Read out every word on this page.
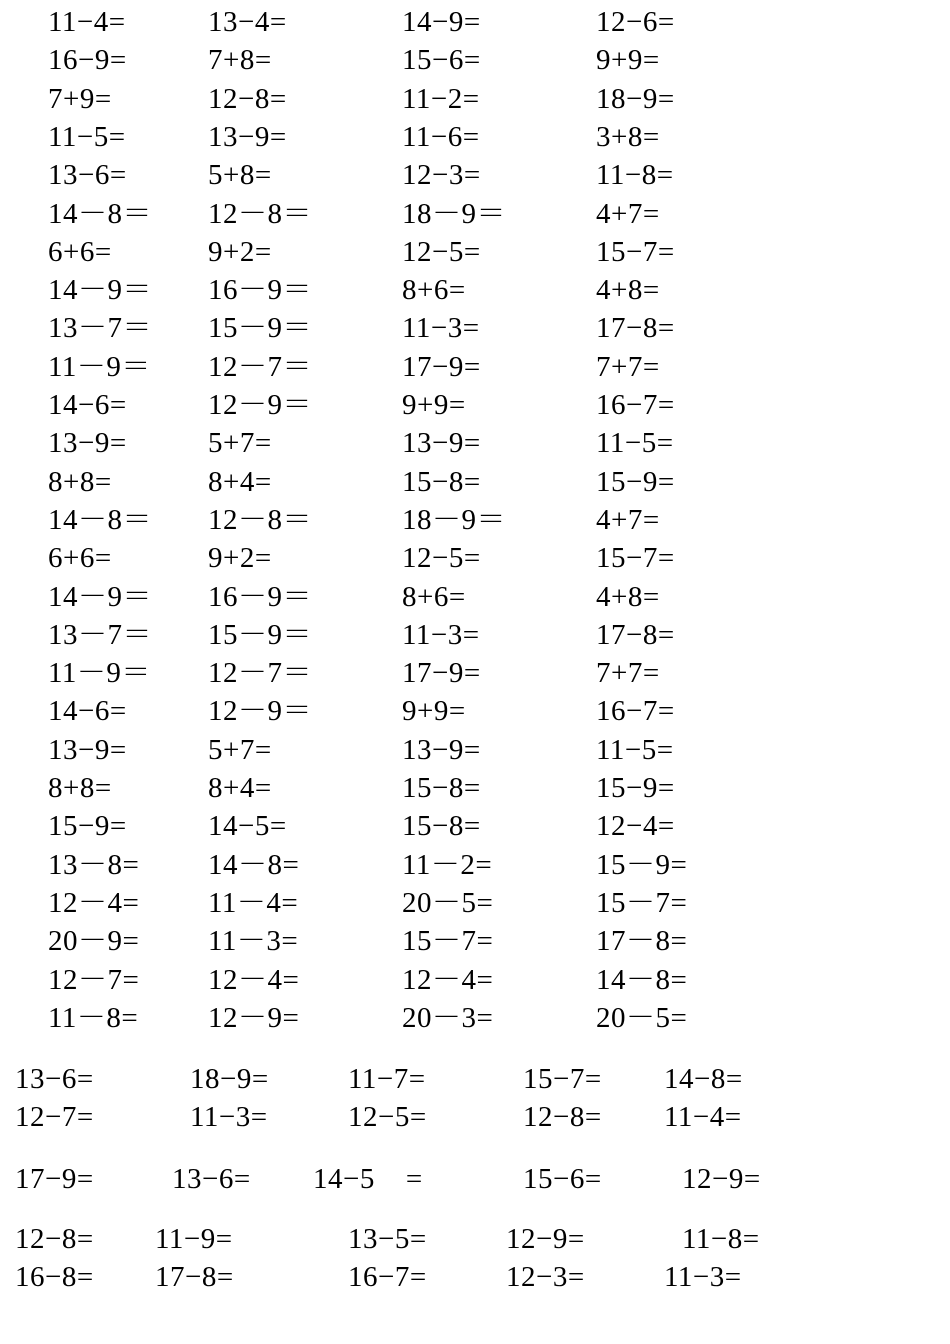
11−4=	13−4=	14−9=	12−6=
16−9=	7+8=	15−6=	9+9=
7+9=	12−8=	11−2=	18−9=
11−5=	13−9=	11−6=	3+8=
13−6=	5+8=	12−3=	11−8=
14－8＝ 12－8＝	18－9＝	4+7=
6+6=	9+2=	12−5=	15−7=
14－9＝ 16－9＝	8+6=	4+8=
13－7＝ 15－9＝	11−3=	17−8=
11－9＝ 12－7＝	17−9=	7+7=
14−6=	12－9＝	9+9=	16−7=
13−9=	5+7=	13−9=	11−5=
8+8=	8+4=	15−8=	15−9=
14－8＝ 12－8＝	18－9＝	4+7=
6+6=	9+2=	12−5=	15−7=
14－9＝ 16－9＝	8+6=	4+8=
13－7＝ 15－9＝	11−3=	17−8=
11－9＝ 12－7＝	17−9=	7+7=
14−6=	12－9＝	9+9=	16−7=
13−9=	5+7=	13−9=	11−5=
8+8=	8+4=	15−8=	15−9=
15−9=	14−5=	15−8=	12−4=
13－8= 14－8=	11－2=	15－9=
12－4= 11－4=	20－5=	15－7=
20－9= 11－3=	15－7=	17－8=
12－7= 12－4=	12－4=	14－8=
11－8= 12－9=	20－3=	20－5=
13−6=	18−9=	11−7=	15−7= 14−8=
12−7=	11−3=	12−5=	12−8= 11−4=
17−9=	13−6= 14−5    =	15−6=	12−9=
12−8= 11−9=	13−5=	12−9=	11−8=
16−8= 17−8=	16−7=	12−3=	11−3=
